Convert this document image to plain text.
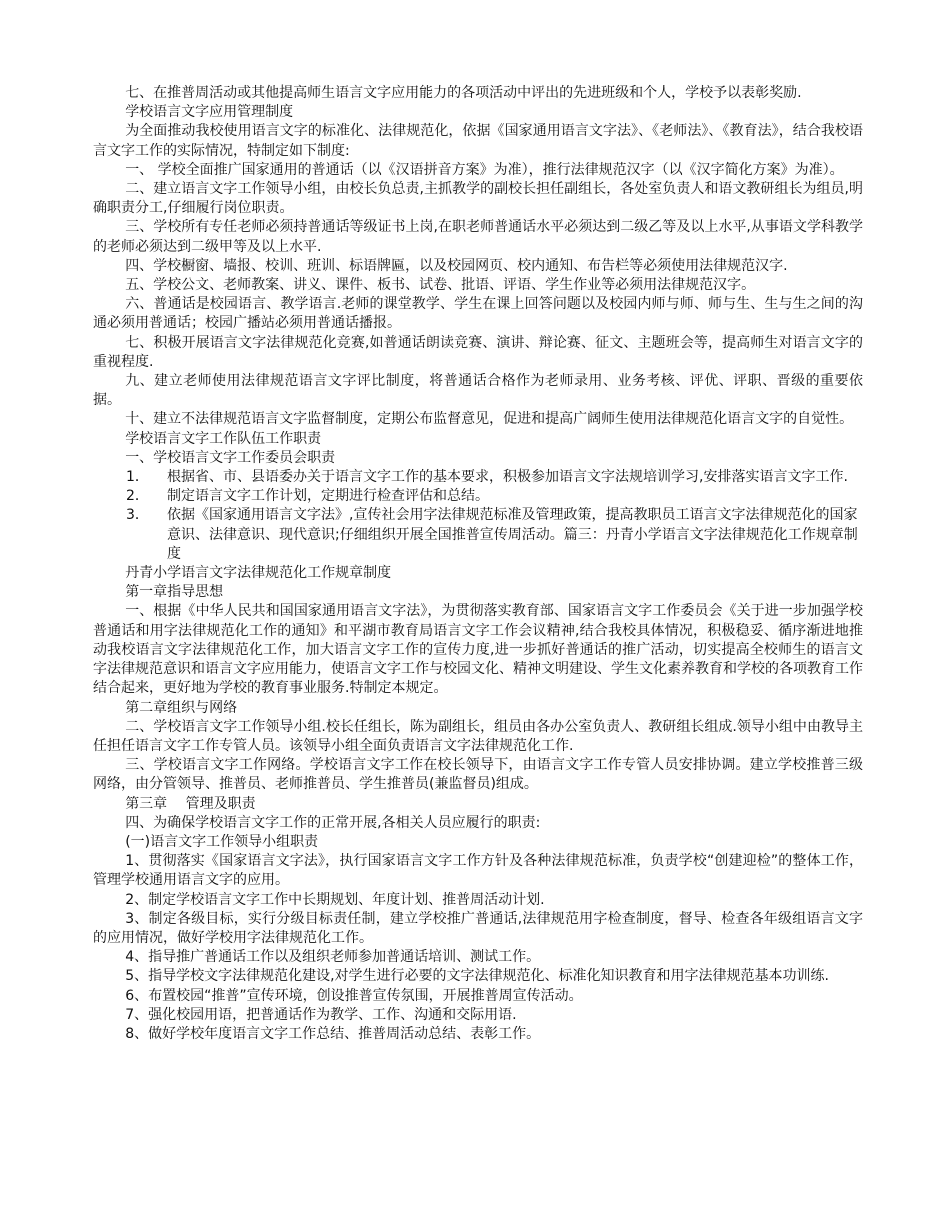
七、在推普周活动或其他提高师生语言文字应用能力的各项活动中评出的先进班级和个人，学校予以表彰奖励.

学校语言文字应用管理制度

为全面推动我校使用语言文字的标准化、法律规范化，依据《国家通用语言文字法》、《老师法》、《教育法》，结合我校语言文字工作的实际情况，特制定如下制度:

一、 学校全面推广国家通用的普通话（以《汉语拼音方案》为准），推行法律规范汉字（以《汉字简化方案》为准）。

二、建立语言文字工作领导小组，由校长负总责,主抓教学的副校长担任副组长，各处室负责人和语文教研组长为组员,明确职责分工,仔细履行岗位职责。

三、学校所有专任老师必须持普通话等级证书上岗,在职老师普通话水平必须达到二级乙等及以上水平,从事语文学科教学的老师必须达到二级甲等及以上水平.

四、学校橱窗、墙报、校训、班训、标语牌匾，以及校园网页、校内通知、布告栏等必须使用法律规范汉字.

五、学校公文、老师教案、讲义、课件、板书、试卷、批语、评语、学生作业等必须用法律规范汉字。

六、普通话是校园语言、教学语言.老师的课堂教学、学生在课上回答问题以及校园内师与师、师与生、生与生之间的沟通必须用普通话；校园广播站必须用普通话播报。

七、积极开展语言文字法律规范化竞赛,如普通话朗读竞赛、演讲、辩论赛、征文、主题班会等，提高师生对语言文字的重视程度.

九、建立老师使用法律规范语言文字评比制度，将普通话合格作为老师录用、业务考核、评优、评职、晋级的重要依据。

十、建立不法律规范语言文字监督制度，定期公布监督意见，促进和提高广阔师生使用法律规范化语言文字的自觉性。

学校语言文字工作队伍工作职责

一、学校语言文字工作委员会职责

1．	根据省、市、县语委办关于语言文字工作的基本要求，积极参加语言文字法规培训学习,安排落实语言文字工作.
2．	制定语言文字工作计划，定期进行检查评估和总结。
3．	依据《国家通用语言文字法》,宣传社会用字法律规范标准及管理政策，提高教职员工语言文字法律规范化的国家意识、法律意识、现代意识;仔细组织开展全国推普宣传周活动。篇三：丹青小学语言文字法律规范化工作规章制度

丹青小学语言文字法律规范化工作规章制度

第一章指导思想

一、根据《中华人民共和国国家通用语言文字法》，为贯彻落实教育部、国家语言文字工作委员会《关于进一步加强学校普通话和用字法律规范化工作的通知》和平湖市教育局语言文字工作会议精神,结合我校具体情况，积极稳妥、循序渐进地推动我校语言文字法律规范化工作，加大语言文字工作的宣传力度,进一步抓好普通话的推广活动，切实提高全校师生的语言文字法律规范意识和语言文字应用能力，使语言文字工作与校园文化、精神文明建设、学生文化素养教育和学校的各项教育工作结合起来，更好地为学校的教育事业服务.特制定本规定。

第二章组织与网络

二、学校语言文字工作领导小组.校长任组长，陈为副组长，组员由各办公室负责人、教研组长组成.领导小组中由教导主任担任语言文字工作专管人员。该领导小组全面负责语言文字法律规范化工作.

三、学校语言文字工作网络。学校语言文字工作在校长领导下，由语言文字工作专管人员安排协调。建立学校推普三级网络，由分管领导、推普员、老师推普员、学生推普员(兼监督员)组成。

第三章　 管理及职责

四、为确保学校语言文字工作的正常开展,各相关人员应履行的职责:

(一)语言文字工作领导小组职责

1、贯彻落实《国家语言文字法》，执行国家语言文字工作方针及各种法律规范标准，负责学校“创建迎检”的整体工作，管理学校通用语言文字的应用。

2、制定学校语言文字工作中长期规划、年度计划、推普周活动计划.

3、制定各级目标，实行分级目标责任制，建立学校推广普通话,法律规范用字检查制度，督导、检查各年级组语言文字的应用情况，做好学校用字法律规范化工作。

4、指导推广普通话工作以及组织老师参加普通话培训、测试工作。

5、指导学校文字法律规范化建设,对学生进行必要的文字法律规范化、标准化知识教育和用字法律规范基本功训练.

6、布置校园“推普”宣传环境，创设推普宣传氛围，开展推普周宣传活动。

7、强化校园用语，把普通话作为教学、工作、沟通和交际用语.

8、做好学校年度语言文字工作总结、推普周活动总结、表彰工作。
